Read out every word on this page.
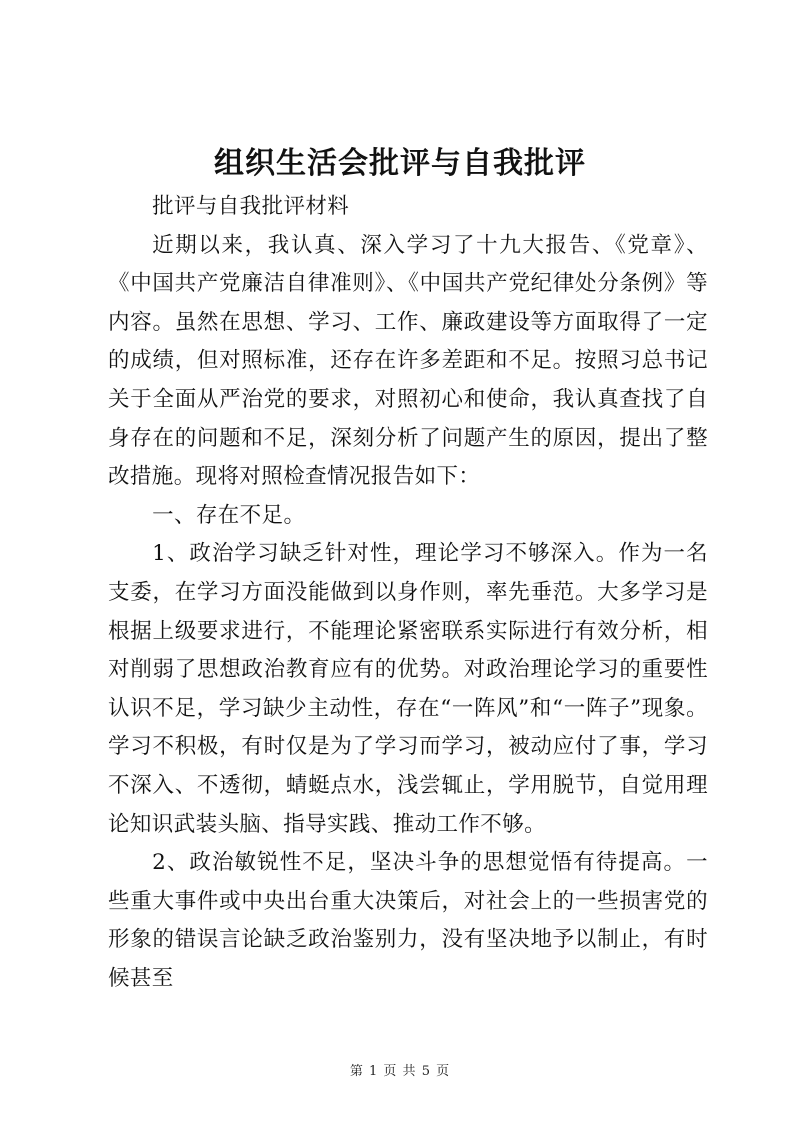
组织生活会批评与自我批评

批评与自我批评材料

近期以来，我认真、深入学习了十九大报告、《党章》、《中国共产党廉洁自律准则》、《中国共产党纪律处分条例》等内容。虽然在思想、学习、工作、廉政建设等方面取得了一定的成绩，但对照标准，还存在许多差距和不足。按照习总书记关于全面从严治党的要求，对照初心和使命，我认真查找了自身存在的问题和不足，深刻分析了问题产生的原因，提出了整改措施。现将对照检查情况报告如下：

一、存在不足。

1、政治学习缺乏针对性，理论学习不够深入。作为一名支委，在学习方面没能做到以身作则，率先垂范。大多学习是根据上级要求进行，不能理论紧密联系实际进行有效分析，相对削弱了思想政治教育应有的优势。对政治理论学习的重要性认识不足，学习缺少主动性，存在“一阵风”和“一阵子”现象。学习不积极，有时仅是为了学习而学习，被动应付了事，学习不深入、不透彻，蜻蜓点水，浅尝辄止，学用脱节，自觉用理论知识武装头脑、指导实践、推动工作不够。

2、政治敏锐性不足，坚决斗争的思想觉悟有待提高。一些重大事件或中央出台重大决策后，对社会上的一些损害党的形象的错误言论缺乏政治鉴别力，没有坚决地予以制止，有时候甚至

第 1 页 共 5 页
